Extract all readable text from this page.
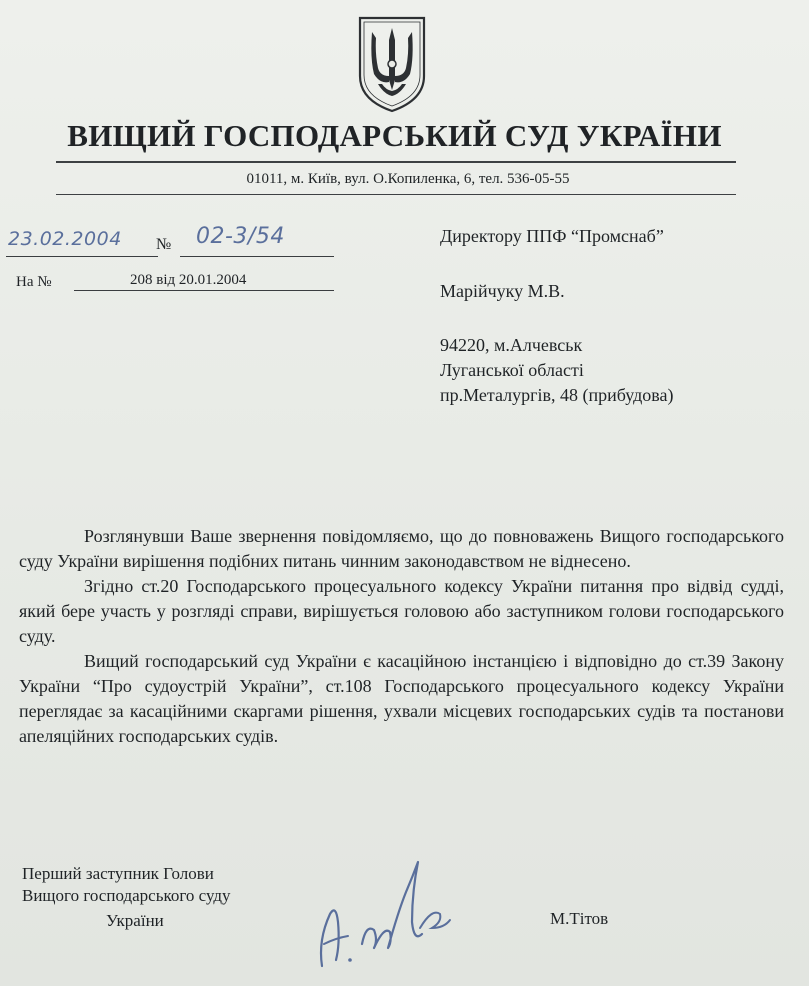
ВИЩИЙ ГОСПОДАРСЬКИЙ СУД УКРАЇНИ
01011, м. Київ, вул. О.Копиленка, 6, тел. 536-05-55
23.02.2004 № 02-3/54
На №	208 від 20.01.2004
Директору ППФ “Промснаб”
Марійчуку М.В.
94220, м.Алчевськ
Луганської області
пр.Металургів, 48 (прибудова)

Розглянувши Ваше звернення повідомляємо, що до повноважень Вищого господарського суду України вирішення подібних питань чинним законодавством не віднесено.

Згідно ст.20 Господарського процесуального кодексу України питання про відвід судді, який бере участь у розгляді справи, вирішується головою або заступником голови господарського суду.

Вищий господарський суд України є касаційною інстанцією і відповідно до ст.39 Закону України “Про судоустрій України”, ст.108 Господарського процесуального кодексу України переглядає за касаційними скаргами рішення, ухвали місцевих господарських судів та постанови апеляційних господарських судів.

Перший заступник Голови
Вищого господарського суду
України	М.Тітов
